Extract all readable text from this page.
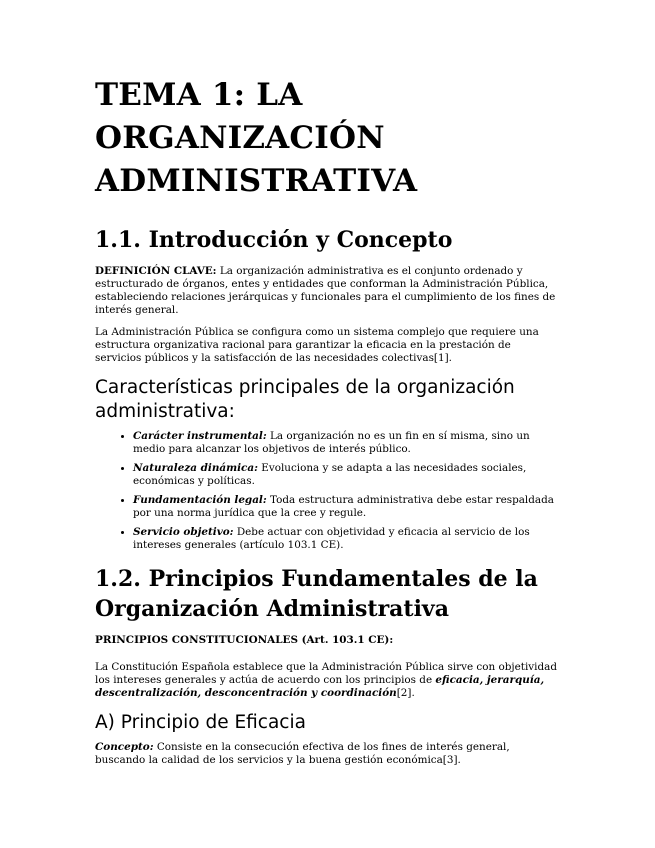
TEMA 1: LA
ORGANIZACIÓN
ADMINISTRATIVA
1.1. Introducción y Concepto

DEFINICIÓN CLAVE: La organización administrativa es el conjunto ordenado y estructurado de órganos, entes y entidades que conforman la Administración Pública, estableciendo relaciones jerárquicas y funcionales para el cumplimiento de los fines de interés general.

La Administración Pública se configura como un sistema complejo que requiere una estructura organizativa racional para garantizar la eficacia en la prestación de servicios públicos y la satisfacción de las necesidades colectivas[1].

Características principales de la organización administrativa:
• Carácter instrumental: La organización no es un fin en sí misma, sino un medio para alcanzar los objetivos de interés público.
• Naturaleza dinámica: Evoluciona y se adapta a las necesidades sociales, económicas y políticas.
• Fundamentación legal: Toda estructura administrativa debe estar respaldada por una norma jurídica que la cree y regule.
• Servicio objetivo: Debe actuar con objetividad y eficacia al servicio de los intereses generales (artículo 103.1 CE).
1.2. Principios Fundamentales de la Organización Administrativa

PRINCIPIOS CONSTITUCIONALES (Art. 103.1 CE):

La Constitución Española establece que la Administración Pública sirve con objetividad los intereses generales y actúa de acuerdo con los principios de eficacia, jerarquía, descentralización, desconcentración y coordinación[2].

A) Principio de Eficacia

Concepto: Consiste en la consecución efectiva de los fines de interés general, buscando la calidad de los servicios y la buena gestión económica[3].
